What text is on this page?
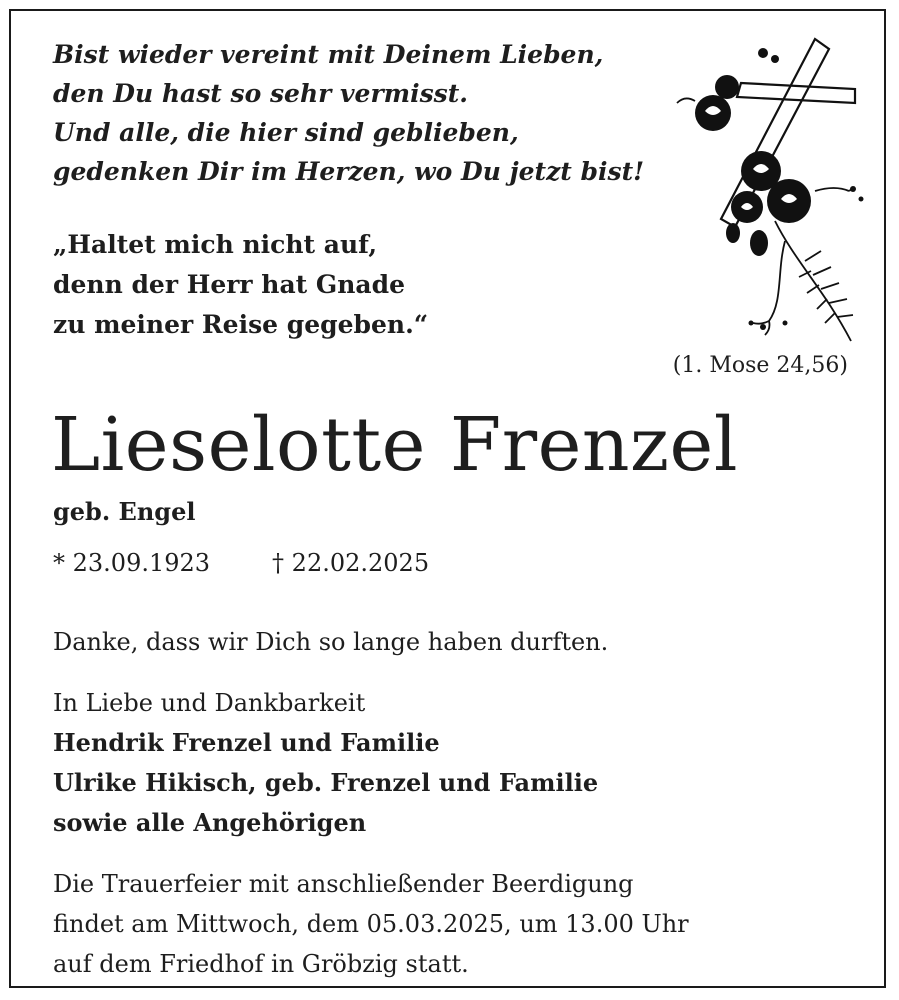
Bist wieder vereint mit Deinem Lieben,
den Du hast so sehr vermisst.
Und alle, die hier sind geblieben,
gedenken Dir im Herzen, wo Du jetzt bist!
„Haltet mich nicht auf,
denn der Herr hat Gnade
zu meiner Reise gegeben.“
(1. Mose 24,56)
Lieselotte Frenzel
geb. Engel
* 23.09.1923	† 22.02.2025
Danke, dass wir Dich so lange haben durften.
In Liebe und Dankbarkeit
Hendrik Frenzel und Familie
Ulrike Hikisch, geb. Frenzel und Familie
sowie alle Angehörigen
Die Trauerfeier mit anschließender Beerdigung
findet am Mittwoch, dem 05.03.2025, um 13.00 Uhr
auf dem Friedhof in Gröbzig statt.
